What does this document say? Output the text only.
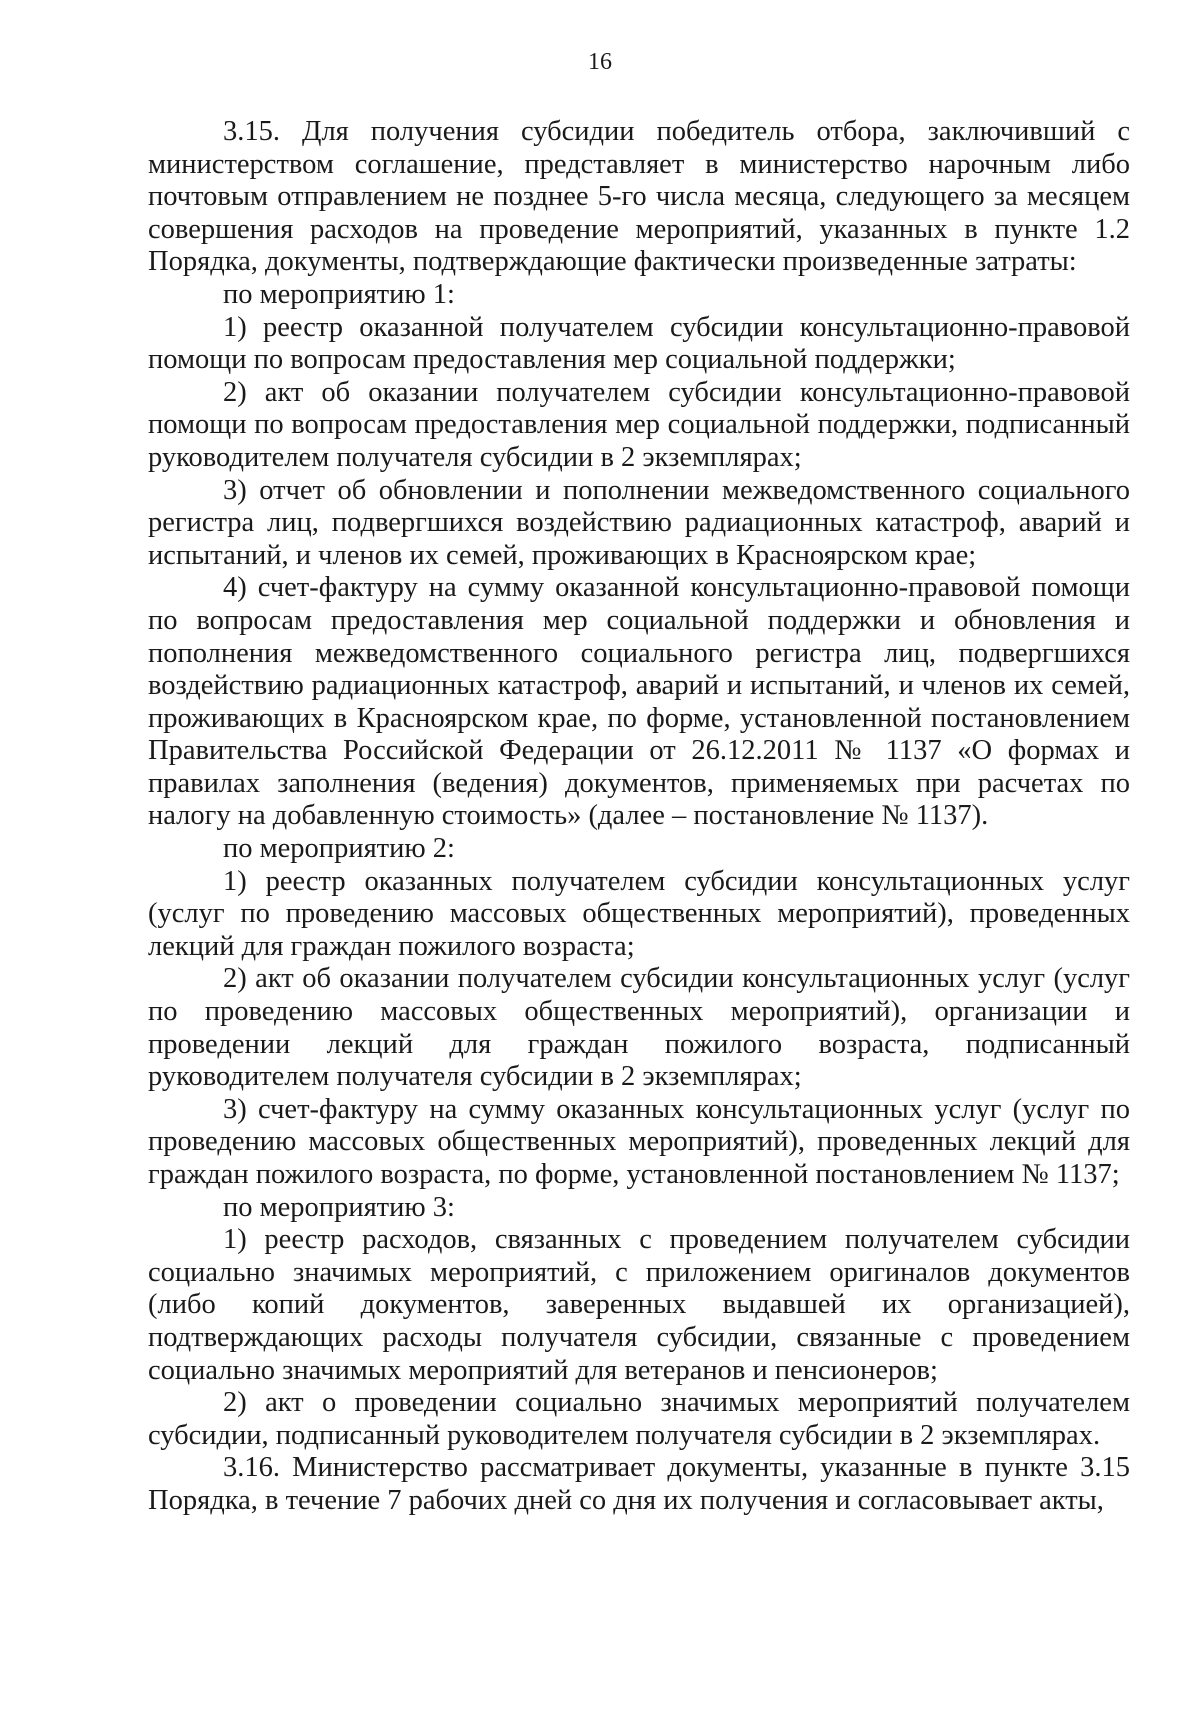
16

3.15. Для получения субсидии победитель отбора, заключивший с министерством соглашение, представляет в министерство нарочным либо почтовым отправлением не позднее 5-го числа месяца, следующего за месяцем совершения расходов на проведение мероприятий, указанных в пункте 1.2 Порядка, документы, подтверждающие фактически произведенные затраты:

по мероприятию 1:

1) реестр оказанной получателем субсидии консультационно-правовой помощи по вопросам предоставления мер социальной поддержки;

2) акт об оказании получателем субсидии консультационно-правовой помощи по вопросам предоставления мер социальной поддержки, подписанный руководителем получателя субсидии в 2 экземплярах;

3) отчет об обновлении и пополнении межведомственного социального регистра лиц, подвергшихся воздействию радиационных катастроф, аварий и испытаний, и членов их семей, проживающих в Красноярском крае;

4) счет-фактуру на сумму оказанной консультационно-правовой помощи по вопросам предоставления мер социальной поддержки и обновления и пополнения межведомственного социального регистра лиц, подвергшихся воздействию радиационных катастроф, аварий и испытаний, и членов их семей, проживающих в Красноярском крае, по форме, установленной постановлением Правительства Российской Федерации от 26.12.2011 № 1137 «О формах и правилах заполнения (ведения) документов, применяемых при расчетах по налогу на добавленную стоимость» (далее – постановление № 1137).

по мероприятию 2:

1) реестр оказанных получателем субсидии консультационных услуг (услуг по проведению массовых общественных мероприятий), проведенных лекций для граждан пожилого возраста;

2) акт об оказании получателем субсидии консультационных услуг (услуг по проведению массовых общественных мероприятий), организации и проведении лекций для граждан пожилого возраста, подписанный руководителем получателя субсидии в 2 экземплярах;

3) счет-фактуру на сумму оказанных консультационных услуг (услуг по проведению массовых общественных мероприятий), проведенных лекций для граждан пожилого возраста, по форме, установленной постановлением № 1137;

по мероприятию 3:

1) реестр расходов, связанных с проведением получателем субсидии социально значимых мероприятий, с приложением оригиналов документов (либо копий документов, заверенных выдавшей их организацией), подтверждающих расходы получателя субсидии, связанные с проведением социально значимых мероприятий для ветеранов и пенсионеров;

2) акт о проведении социально значимых мероприятий получателем субсидии, подписанный руководителем получателя субсидии в 2 экземплярах.

3.16. Министерство рассматривает документы, указанные в пункте 3.15 Порядка, в течение 7 рабочих дней со дня их получения и согласовывает акты,
